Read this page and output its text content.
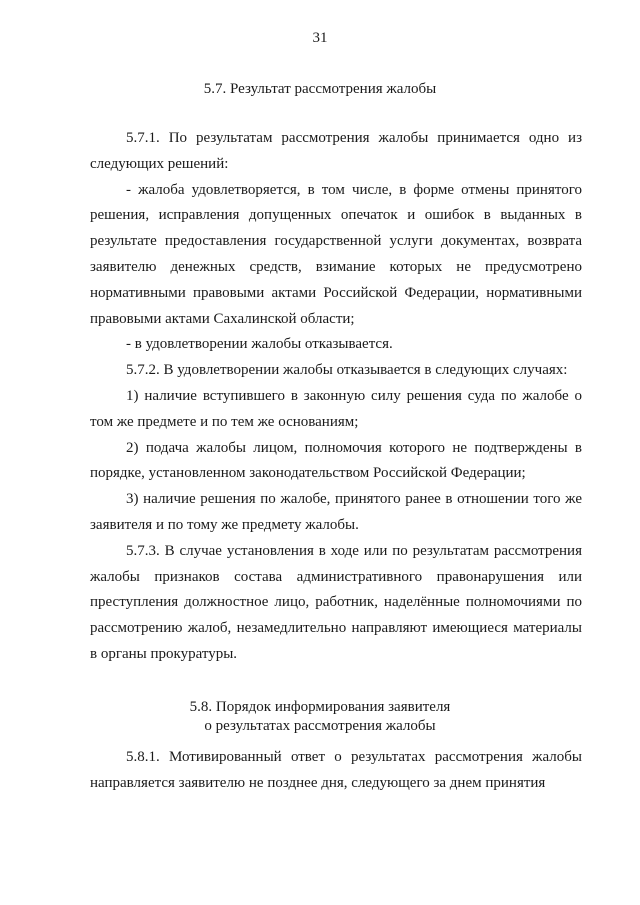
31
5.7. Результат рассмотрения жалобы

5.7.1. По результатам рассмотрения жалобы принимается одно из следующих решений:

- жалоба удовлетворяется, в том числе, в форме отмены принятого решения, исправления допущенных опечаток и ошибок в выданных в результате предоставления государственной услуги документах, возврата заявителю денежных средств, взимание которых не предусмотрено нормативными правовыми актами Российской Федерации, нормативными правовыми актами Сахалинской области;

- в удовлетворении жалобы отказывается.

5.7.2. В удовлетворении жалобы отказывается в следующих случаях:

1) наличие вступившего в законную силу решения суда по жалобе о том же предмете и по тем же основаниям;

2) подача жалобы лицом, полномочия которого не подтверждены в порядке, установленном законодательством Российской Федерации;

3) наличие решения по жалобе, принятого ранее в отношении того же заявителя и по тому же предмету жалобы.

5.7.3. В случае установления в ходе или по результатам рассмотрения жалобы признаков состава административного правонарушения или преступления должностное лицо, работник, наделённые полномочиями по рассмотрению жалоб, незамедлительно направляют имеющиеся материалы в органы прокуратуры.

5.8. Порядок информирования заявителя
о результатах рассмотрения жалобы

5.8.1. Мотивированный ответ о результатах рассмотрения жалобы направляется заявителю не позднее дня, следующего за днем принятия
